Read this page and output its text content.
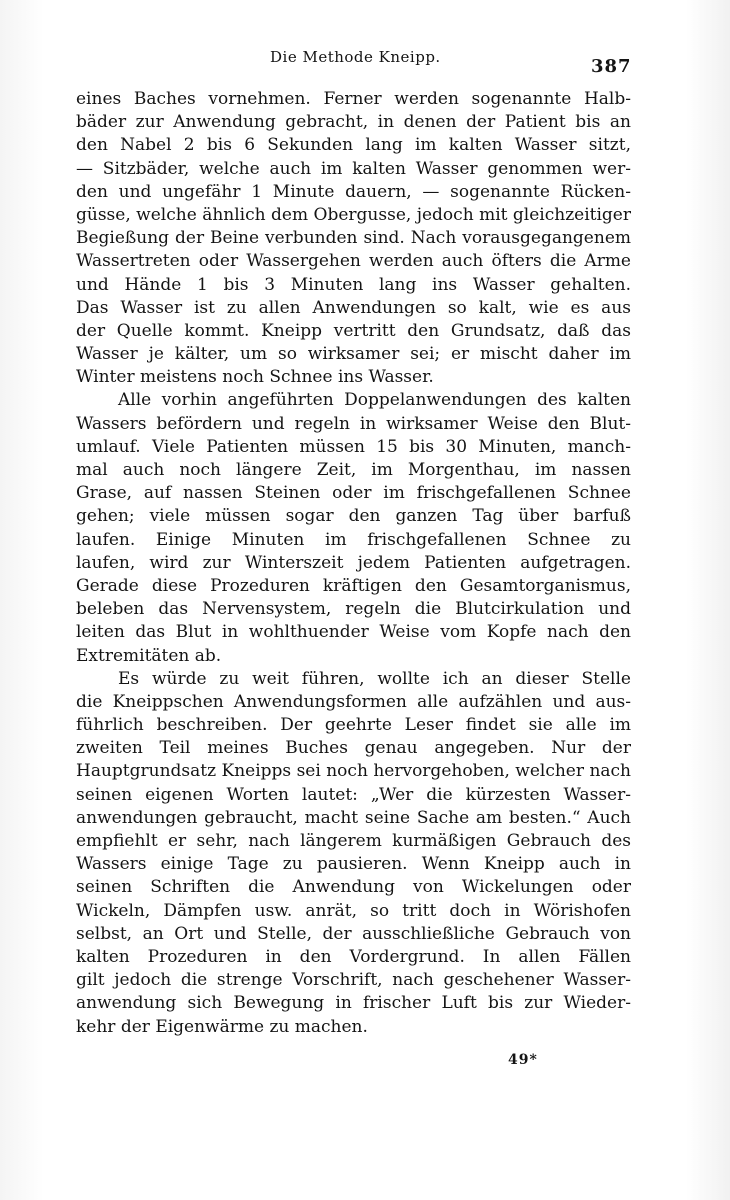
Die Methode Kneipp.	387
eines Baches vornehmen. Ferner werden sogenannte Halb-
bäder zur Anwendung gebracht, in denen der Patient bis an
den Nabel 2 bis 6 Sekunden lang im kalten Wasser sitzt,
— Sitzbäder, welche auch im kalten Wasser genommen wer-
den und ungefähr 1 Minute dauern, — sogenannte Rücken-
güsse, welche ähnlich dem Obergusse, jedoch mit gleichzeitiger
Begießung der Beine verbunden sind. Nach vorausgegangenem
Wassertreten oder Wassergehen werden auch öfters die Arme
und Hände 1 bis 3 Minuten lang ins Wasser gehalten.
Das Wasser ist zu allen Anwendungen so kalt, wie es aus
der Quelle kommt. Kneipp vertritt den Grundsatz, daß das
Wasser je kälter, um so wirksamer sei; er mischt daher im
Winter meistens noch Schnee ins Wasser.
Alle vorhin angeführten Doppelanwendungen des kalten
Wassers befördern und regeln in wirksamer Weise den Blut-
umlauf. Viele Patienten müssen 15 bis 30 Minuten, manch-
mal auch noch längere Zeit, im Morgenthau, im nassen
Grase, auf nassen Steinen oder im frischgefallenen Schnee
gehen; viele müssen sogar den ganzen Tag über barfuß
laufen. Einige Minuten im frischgefallenen Schnee zu
laufen, wird zur Winterszeit jedem Patienten aufgetragen.
Gerade diese Prozeduren kräftigen den Gesamtorganismus,
beleben das Nervensystem, regeln die Blutcirkulation und
leiten das Blut in wohlthuender Weise vom Kopfe nach den
Extremitäten ab.
Es würde zu weit führen, wollte ich an dieser Stelle
die Kneippschen Anwendungsformen alle aufzählen und aus-
führlich beschreiben. Der geehrte Leser findet sie alle im
zweiten Teil meines Buches genau angegeben. Nur der
Hauptgrundsatz Kneipps sei noch hervorgehoben, welcher nach
seinen eigenen Worten lautet: „Wer die kürzesten Wasser-
anwendungen gebraucht, macht seine Sache am besten.“ Auch
empfiehlt er sehr, nach längerem kurmäßigen Gebrauch des
Wassers einige Tage zu pausieren. Wenn Kneipp auch in
seinen Schriften die Anwendung von Wickelungen oder
Wickeln, Dämpfen usw. anrät, so tritt doch in Wörishofen
selbst, an Ort und Stelle, der ausschließliche Gebrauch von
kalten Prozeduren in den Vordergrund. In allen Fällen
gilt jedoch die strenge Vorschrift, nach geschehener Wasser-
anwendung sich Bewegung in frischer Luft bis zur Wieder-
kehr der Eigenwärme zu machen.
49*
